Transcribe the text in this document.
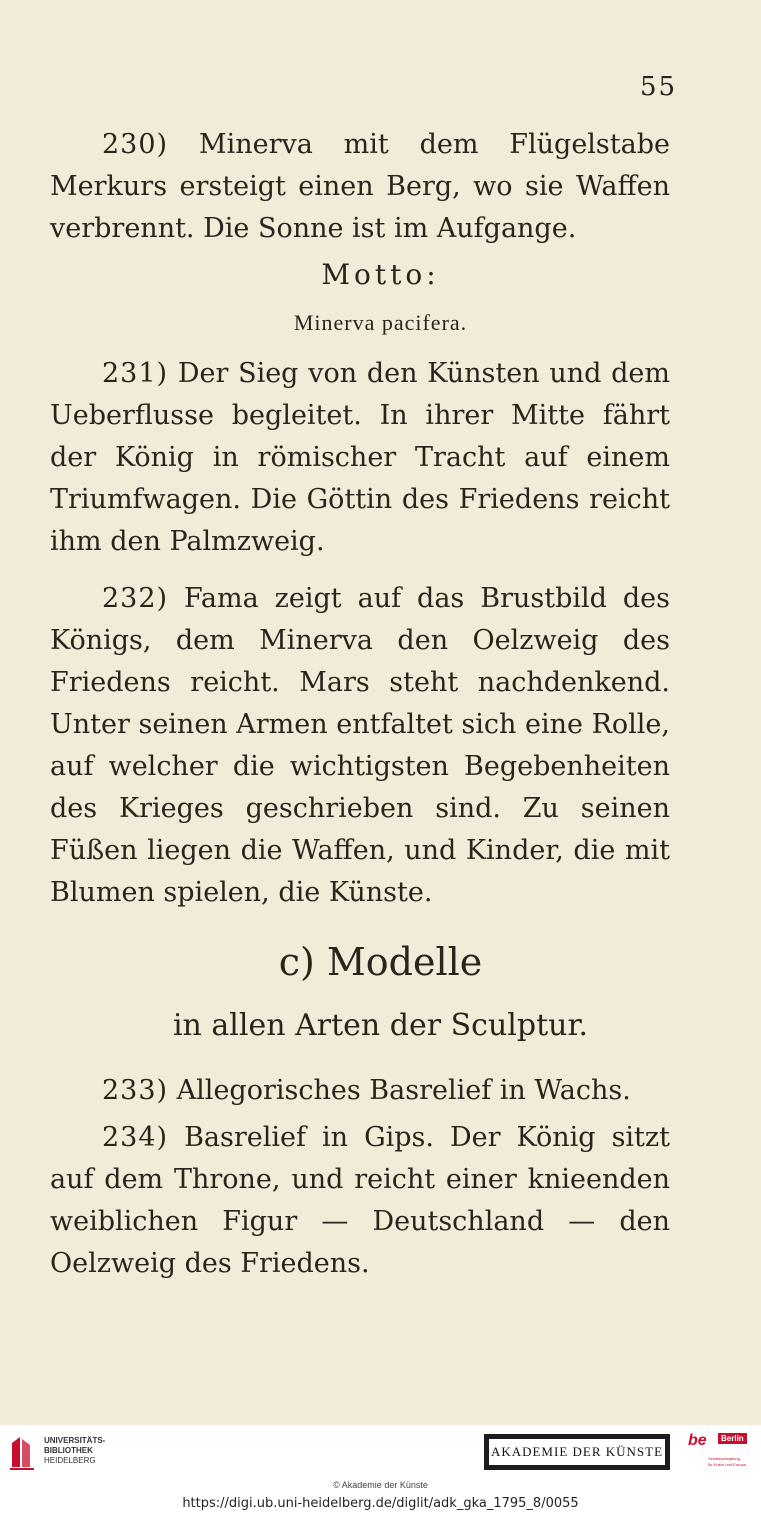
55
230) Minerva mit dem Flügelstabe Merkurs ersteigt einen Berg, wo sie Waffen verbrennt. Die Sonne ist im Aufgange.
Motto:
Minerva pacifera.
231) Der Sieg von den Künsten und dem Ueberflusse begleitet. In ihrer Mitte fährt der König in römischer Tracht auf einem Triumfwagen. Die Göttin des Friedens reicht ihm den Palmzweig.
232) Fama zeigt auf das Brustbild des Königs, dem Minerva den Oelzweig des Friedens reicht. Mars steht nachdenkend. Unter seinen Armen entfaltet sich eine Rolle, auf welcher die wichtigsten Begebenheiten des Krieges geschrieben sind. Zu seinen Füßen liegen die Waffen, und Kinder, die mit Blumen spielen, die Künste.
c) Modelle
in allen Arten der Sculptur.
233) Allegorisches Basrelief in Wachs.
234) Basrelief in Gips. Der König sitzt auf dem Throne, und reicht einer knieenden weiblichen Figur — Deutschland — den Oelzweig des Friedens.
UNIVERSITÄTS-
BIBLIOTHEK
HEIDELBERG
AKADEMIE DER KÜNSTE
be	Berlin
Senatsverwaltung
für Kultur und Europa
© Akademie der Künste
https://digi.ub.uni-heidelberg.de/diglit/adk_gka_1795_8/0055
